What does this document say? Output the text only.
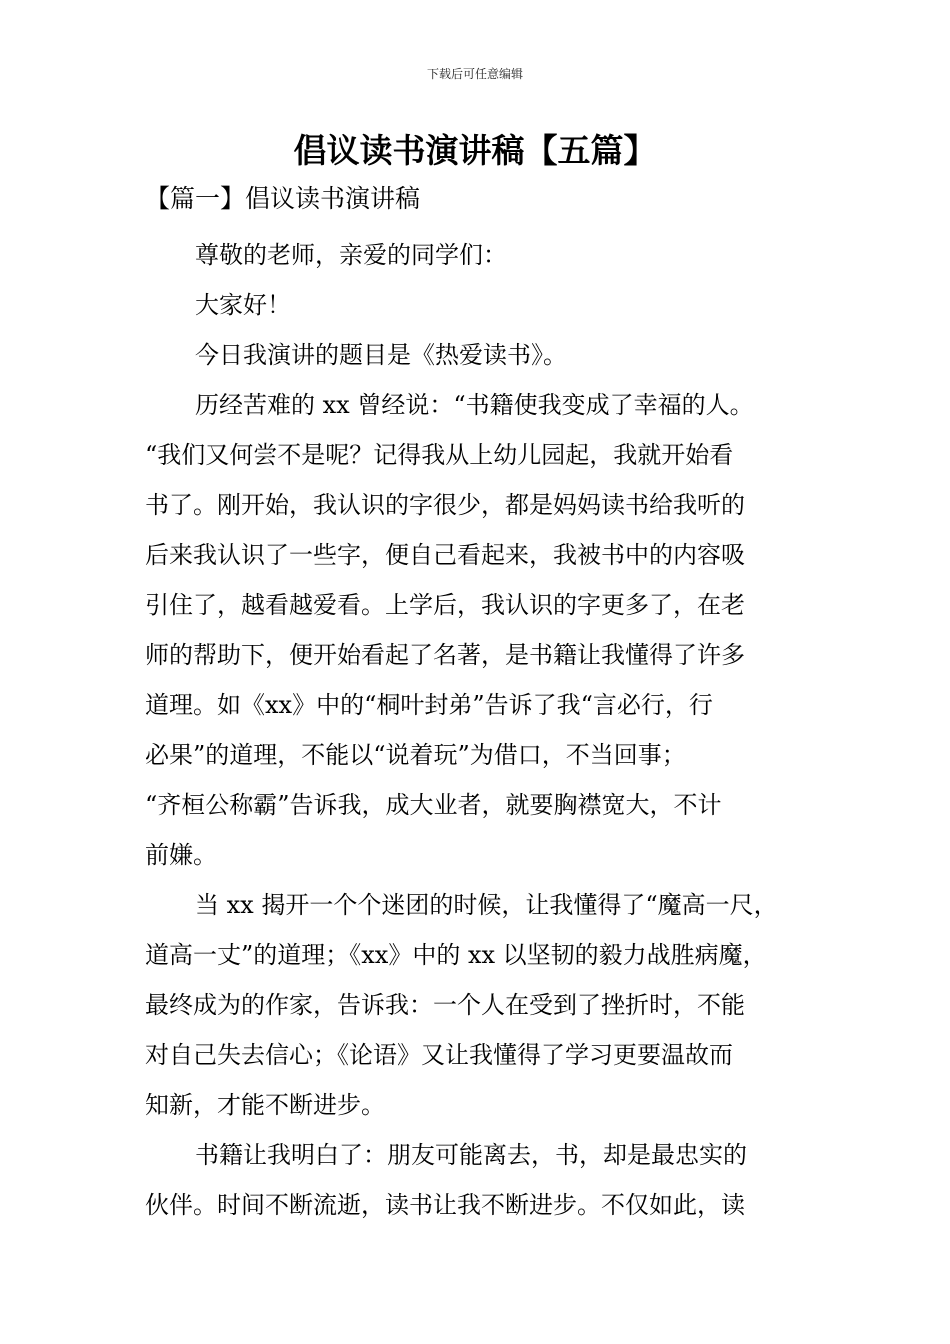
下载后可任意编辑
倡议读书演讲稿【五篇】
【篇一】倡议读书演讲稿

尊敬的老师，亲爱的同学们：

大家好！

今日我演讲的题目是《热爱读书》。

历经苦难的 xx 曾经说：“书籍使我变成了幸福的人。
“我们又何尝不是呢？记得我从上幼儿园起，我就开始看
书了。刚开始，我认识的字很少，都是妈妈读书给我听的
后来我认识了一些字，便自己看起来，我被书中的内容吸
引住了，越看越爱看。上学后，我认识的字更多了，在老
师的帮助下，便开始看起了名著，是书籍让我懂得了许多
道理。如《xx》中的“桐叶封弟”告诉了我“言必行，行
必果”的道理，不能以“说着玩”为借口，不当回事；
“齐桓公称霸”告诉我，成大业者，就要胸襟宽大，不计
前嫌。

当 xx 揭开一个个迷团的时候，让我懂得了“魔高一尺，
道高一丈”的道理；《xx》中的 xx 以坚韧的毅力战胜病魔，
最终成为的作家，告诉我：一个人在受到了挫折时，不能
对自己失去信心；《论语》又让我懂得了学习更要温故而
知新，才能不断进步。

书籍让我明白了：朋友可能离去，书，却是最忠实的
伙伴。时间不断流逝，读书让我不断进步。不仅如此，读
